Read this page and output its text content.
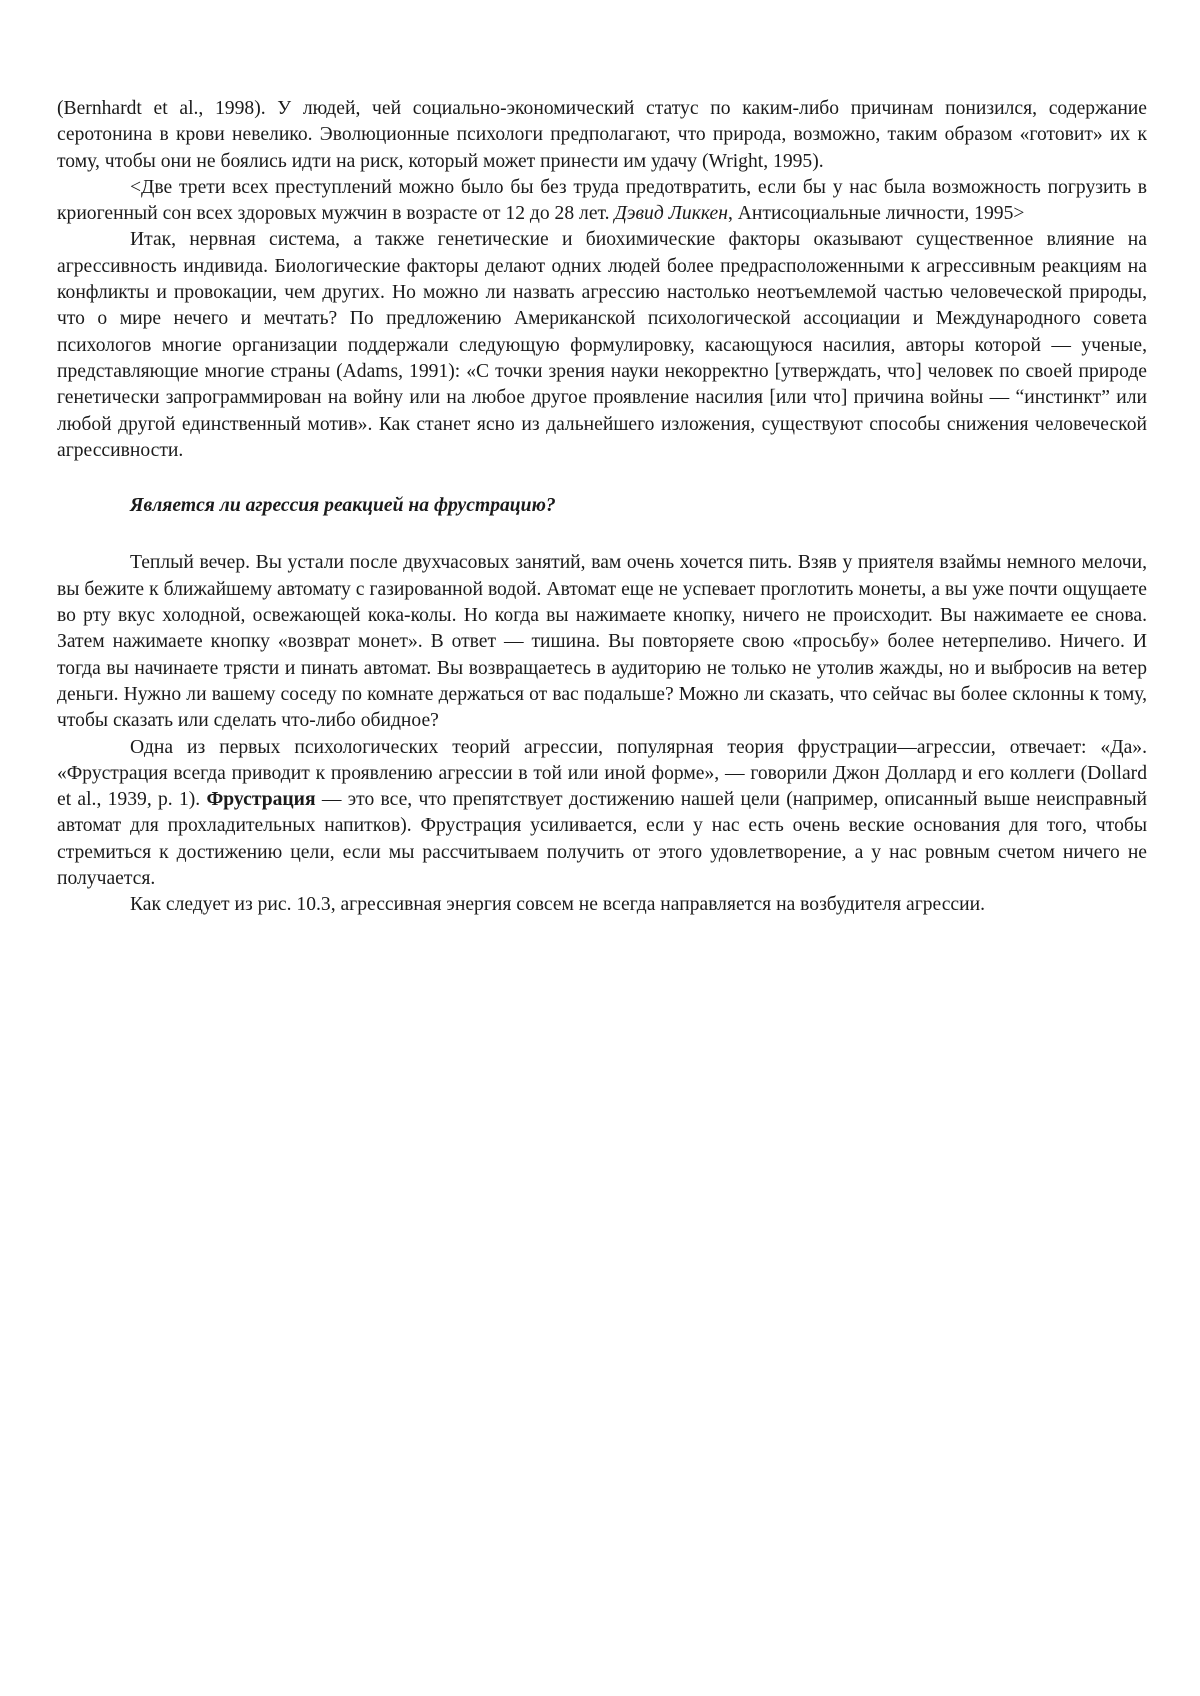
(Bernhardt et al., 1998). У людей, чей социально-экономический статус по каким-либо причинам понизился, содержание серотонина в крови невелико. Эволюционные психологи предполагают, что природа, возможно, таким образом «готовит» их к тому, чтобы они не боялись идти на риск, который может принести им удачу (Wright, 1995).

<Две трети всех преступлений можно было бы без труда предотвратить, если бы у нас была возможность погрузить в криогенный сон всех здоровых мужчин в возрасте от 12 до 28 лет. Дэвид Ликкен, Антисоциальные личности, 1995>

Итак, нервная система, а также генетические и биохимические факторы оказывают существенное влияние на агрессивность индивида. Биологические факторы делают одних людей более предрасположенными к агрессивным реакциям на конфликты и провокации, чем других. Но можно ли назвать агрессию настолько неотъемлемой частью человеческой природы, что о мире нечего и мечтать? По предложению Американской психологической ассоциации и Международного совета психологов многие организации поддержали следующую формулировку, касающуюся насилия, авторы которой — ученые, представляющие многие страны (Adams, 1991): «С точки зрения науки некорректно [утверждать, что] человек по своей природе генетически запрограммирован на войну или на любое другое проявление насилия [или что] причина войны — “инстинкт” или любой другой единственный мотив». Как станет ясно из дальнейшего изложения, существуют способы снижения человеческой агрессивности.

Является ли агрессия реакцией на фрустрацию?

Теплый вечер. Вы устали после двухчасовых занятий, вам очень хочется пить. Взяв у приятеля взаймы немного мелочи, вы бежите к ближайшему автомату с газированной водой. Автомат еще не успевает проглотить монеты, а вы уже почти ощущаете во рту вкус холодной, освежающей кока-колы. Но когда вы нажимаете кнопку, ничего не происходит. Вы нажимаете ее снова. Затем нажимаете кнопку «возврат монет». В ответ — тишина. Вы повторяете свою «просьбу» более нетерпеливо. Ничего. И тогда вы начинаете трясти и пинать автомат. Вы возвращаетесь в аудиторию не только не утолив жажды, но и выбросив на ветер деньги. Нужно ли вашему соседу по комнате держаться от вас подальше? Можно ли сказать, что сейчас вы более склонны к тому, чтобы сказать или сделать что-либо обидное?

Одна из первых психологических теорий агрессии, популярная теория фрустрации—агрессии, отвечает: «Да». «Фрустрация всегда приводит к проявлению агрессии в той или иной форме», — говорили Джон Доллард и его коллеги (Dollard et al., 1939, p. 1). Фрустрация — это все, что препятствует достижению нашей цели (например, описанный выше неисправный автомат для прохладительных напитков). Фрустрация усиливается, если у нас есть очень веские основания для того, чтобы стремиться к достижению цели, если мы рассчитываем получить от этого удовлетворение, а у нас ровным счетом ничего не получается.

Как следует из рис. 10.3, агрессивная энергия совсем не всегда направляется на возбудителя агрессии.
